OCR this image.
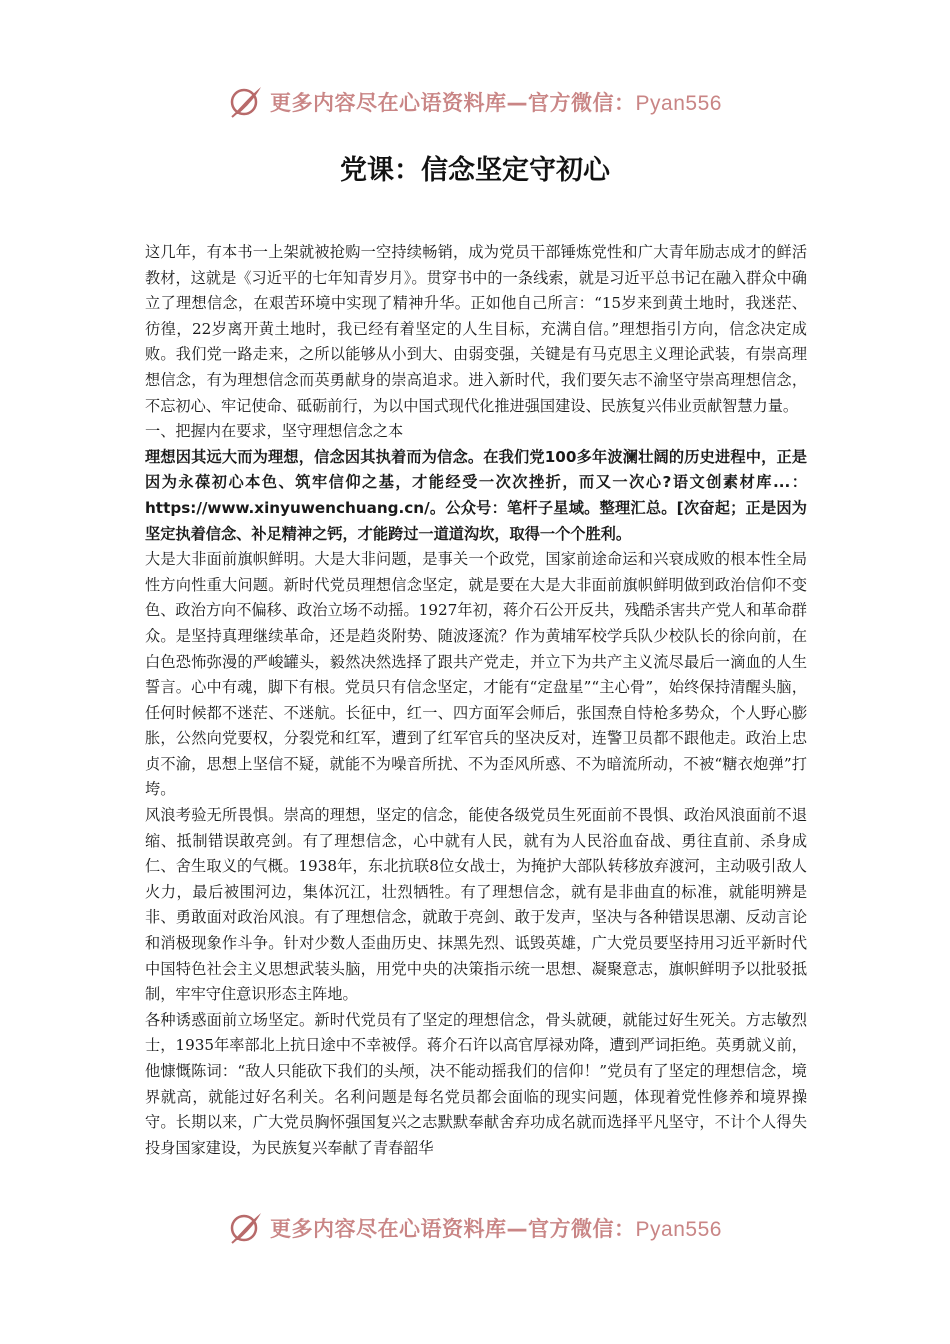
更多内容尽在心语资料库—官方微信：Pyan556
党课：信念坚定守初心

这几年，有本书一上架就被抢购一空持续畅销，成为党员干部锤炼党性和广大青年励志成才的鲜活教材，这就是《习近平的七年知青岁月》。贯穿书中的一条线索，就是习近平总书记在融入群众中确立了理想信念，在艰苦环境中实现了精神升华。正如他自己所言：“15岁来到黄土地时，我迷茫、彷徨，22岁离开黄土地时，我已经有着坚定的人生目标，充满自信。”理想指引方向，信念决定成败。我们党一路走来，之所以能够从小到大、由弱变强，关键是有马克思主义理论武装，有崇高理想信念，有为理想信念而英勇献身的崇高追求。进入新时代，我们要矢志不渝坚守崇高理想信念，不忘初心、牢记使命、砥砺前行，为以中国式现代化推进强国建设、民族复兴伟业贡献智慧力量。

一、把握内在要求，坚守理想信念之本

理想因其远大而为理想，信念因其执着而为信念。在我们党100多年波澜壮阔的历史进程中，正是因为永葆初心本色、筑牢信仰之基，才能经受一次次挫折，而又一次心?语文创素材库...：https://www.xinyuwenchuang.cn/。公众号：笔杆子星域。整理汇总。[次奋起；正是因为坚定执着信念、补足精神之钙，才能跨过一道道沟坎，取得一个个胜利。

大是大非面前旗帜鲜明。大是大非问题，是事关一个政党，国家前途命运和兴衰成败的根本性全局性方向性重大问题。新时代党员理想信念坚定，就是要在大是大非面前旗帜鲜明做到政治信仰不变色、政治方向不偏移、政治立场不动摇。1927年初，蒋介石公开反共，残酷杀害共产党人和革命群众。是坚持真理继续革命，还是趋炎附势、随波逐流？作为黄埔军校学兵队少校队长的徐向前，在白色恐怖弥漫的严峻罐头，毅然决然选择了跟共产党走，并立下为共产主义流尽最后一滴血的人生誓言。心中有魂，脚下有根。党员只有信念坚定，才能有“定盘星”“主心骨”，始终保持清醒头脑，任何时候都不迷茫、不迷航。长征中，红一、四方面军会师后，张国焘自恃枪多势众，个人野心膨胀，公然向党要权，分裂党和红军，遭到了红军官兵的坚决反对，连警卫员都不跟他走。政治上忠贞不渝，思想上坚信不疑，就能不为噪音所扰、不为歪风所惑、不为暗流所动，不被“糖衣炮弹”打垮。

风浪考验无所畏惧。崇高的理想，坚定的信念，能使各级党员生死面前不畏惧、政治风浪面前不退缩、抵制错误敢亮剑。有了理想信念，心中就有人民，就有为人民浴血奋战、勇往直前、杀身成仁、舍生取义的气概。1938年，东北抗联8位女战士，为掩护大部队转移放弃渡河，主动吸引敌人火力，最后被围河边，集体沉江，壮烈牺牲。有了理想信念，就有是非曲直的标准，就能明辨是非、勇敢面对政治风浪。有了理想信念，就敢于亮剑、敢于发声，坚决与各种错误思潮、反动言论和消极现象作斗争。针对少数人歪曲历史、抹黑先烈、诋毁英雄，广大党员要坚持用习近平新时代中国特色社会主义思想武装头脑，用党中央的决策指示统一思想、凝聚意志，旗帜鲜明予以批驳抵制，牢牢守住意识形态主阵地。

各种诱惑面前立场坚定。新时代党员有了坚定的理想信念，骨头就硬，就能过好生死关。方志敏烈士，1935年率部北上抗日途中不幸被俘。蒋介石许以高官厚禄劝降，遭到严词拒绝。英勇就义前，他慷慨陈词：“敌人只能砍下我们的头颅，决不能动摇我们的信仰！”党员有了坚定的理想信念，境界就高，就能过好名利关。名利问题是每名党员都会面临的现实问题，体现着党性修养和境界操守。长期以来，广大党员胸怀强国复兴之志默默奉献舍弃功成名就而选择平凡坚守，不计个人得失投身国家建设，为民族复兴奉献了青春韶华

更多内容尽在心语资料库—官方微信：Pyan556
